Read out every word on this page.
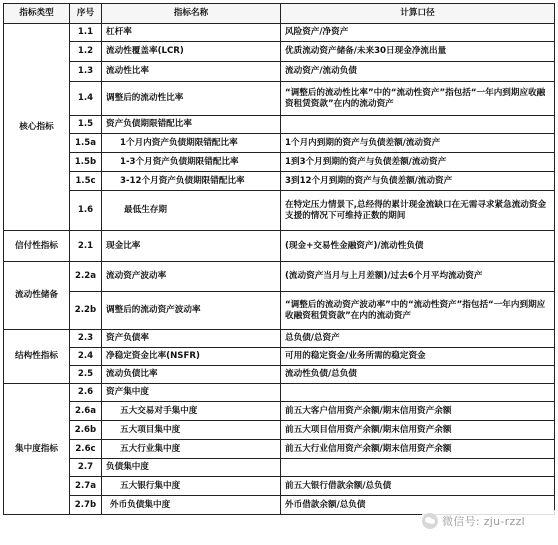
指标类型	序号	指标名称	计算口径
核心指标	1.1	杠杆率	风险资产/净资产
	1.2	流动性覆盖率(LCR)	优质流动资产储备/未来30日现金净流出量
	1.3	流动性比率	流动资产/流动负债
	1.4	调整后的流动性比率	“调整后的流动性比率”中的“流动性资产”指包括“一年内到期应收融资租赁资款”在内的流动资产
	1.5	资产负债期限错配比率	
	1.5a	1个月内资产负债期限错配比率	1个月内到期的资产与负债差额/流动资产
	1.5b	1-3个月资产负债期限错配比率	1到3个月到期的资产与负债差额/流动资产
	1.5c	3-12个月资产负债期限错配比率	3到12个月到期的资产与负债差额/流动资产
	1.6	最低生存期	在特定压力情景下,总经得的累计现金流缺口在无需寻求紧急流动资金支援的情况下可维持正数的期间
信付性指标	2.1	现金比率	(现金+交易性金融资产)/流动性负债
流动性储备	2.2a	流动资产波动率	(流动资产当月与上月差额)/过去6个月平均流动资产
	2.2b	调整后的流动资产波动率	“调整后的流动资产波动率”中的“流动性资产”指包括“一年内到期应收融资租赁资款”在内的流动资产
结构性指标	2.3	资产负债率	总负债/总资产
	2.4	净稳定资金比率(NSFR)	可用的稳定资金/业务所需的稳定资金
	2.5	流动负债比率	流动性负债/总负债
集中度指标	2.6	资产集中度	
	2.6a	五大交易对手集中度	前五大客户信用资产余额/期末信用资产余额
	2.6b	五大项目集中度	前五大项目信用资产余额/期末信用资产余额
	2.6c	五大行业集中度	前五大行业信用资产余额/期末信用资产余额
	2.7	负债集中度	
	2.7a	五大银行集中度	前五大银行借款余额/总负债
	2.7b	外币负债集中度	外币借款余额/总负债
微信号: zju-rzzl
